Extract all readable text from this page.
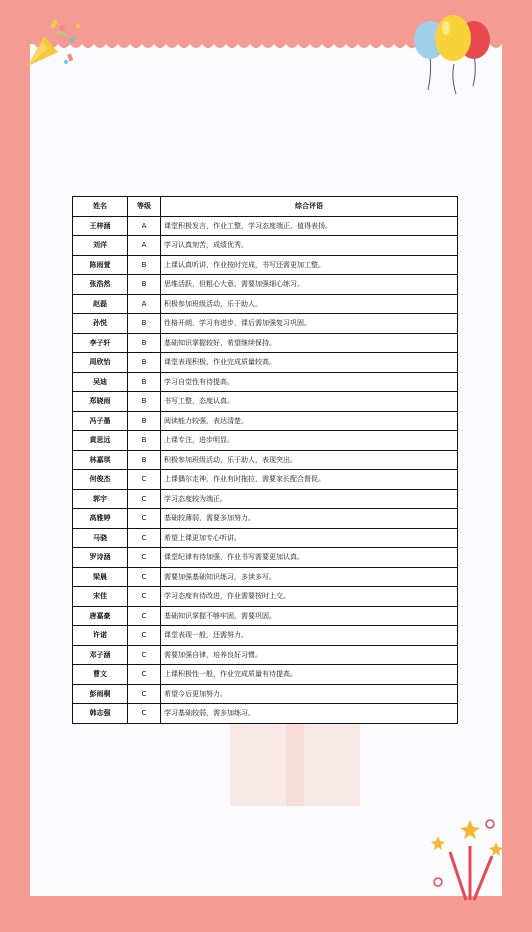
姓名	等级	综合评语
王梓涵	A	课堂积极发言，作业工整，学习态度端正，值得表扬。
刘洋	A	学习认真刻苦，成绩优秀。
陈雨萱	B	上课认真听讲，作业按时完成，书写还需更加工整。
张浩然	B	思维活跃，但粗心大意，需要加强细心练习。
赵磊	A	积极参加班级活动，乐于助人。
孙悦	B	性格开朗，学习有进步，课后需加强复习巩固。
李子轩	B	基础知识掌握较好，希望继续保持。
周欣怡	B	课堂表现积极，作业完成质量较高。
吴迪	B	学习自觉性有待提高。
郑晓雨	B	书写工整，态度认真。
冯子墨	B	阅读能力较强，表达清楚。
黄思远	B	上课专注，进步明显。
林嘉琪	B	积极参加班级活动，乐于助人，表现突出。
何俊杰	C	上课偶尔走神，作业有时拖拉，需要家长配合督促。
郭宇	C	学习态度较为端正。
高雅婷	C	基础较薄弱，需要多加努力。
马骁	C	希望上课更加专心听讲。
罗诗涵	C	课堂纪律有待加强，作业书写需要更加认真。
梁晨	C	需要加强基础知识练习，多读多写。
宋佳	C	学习态度有待改进，作业需要按时上交。
唐嘉豪	C	基础知识掌握不够牢固，需要巩固。
许诺	C	课堂表现一般，还需努力。
邓子涵	C	需要加强自律，培养良好习惯。
曹文	C	上课积极性一般，作业完成质量有待提高。
彭雨桐	C	希望今后更加努力。
韩志强	C	学习基础较弱，需多加练习。
